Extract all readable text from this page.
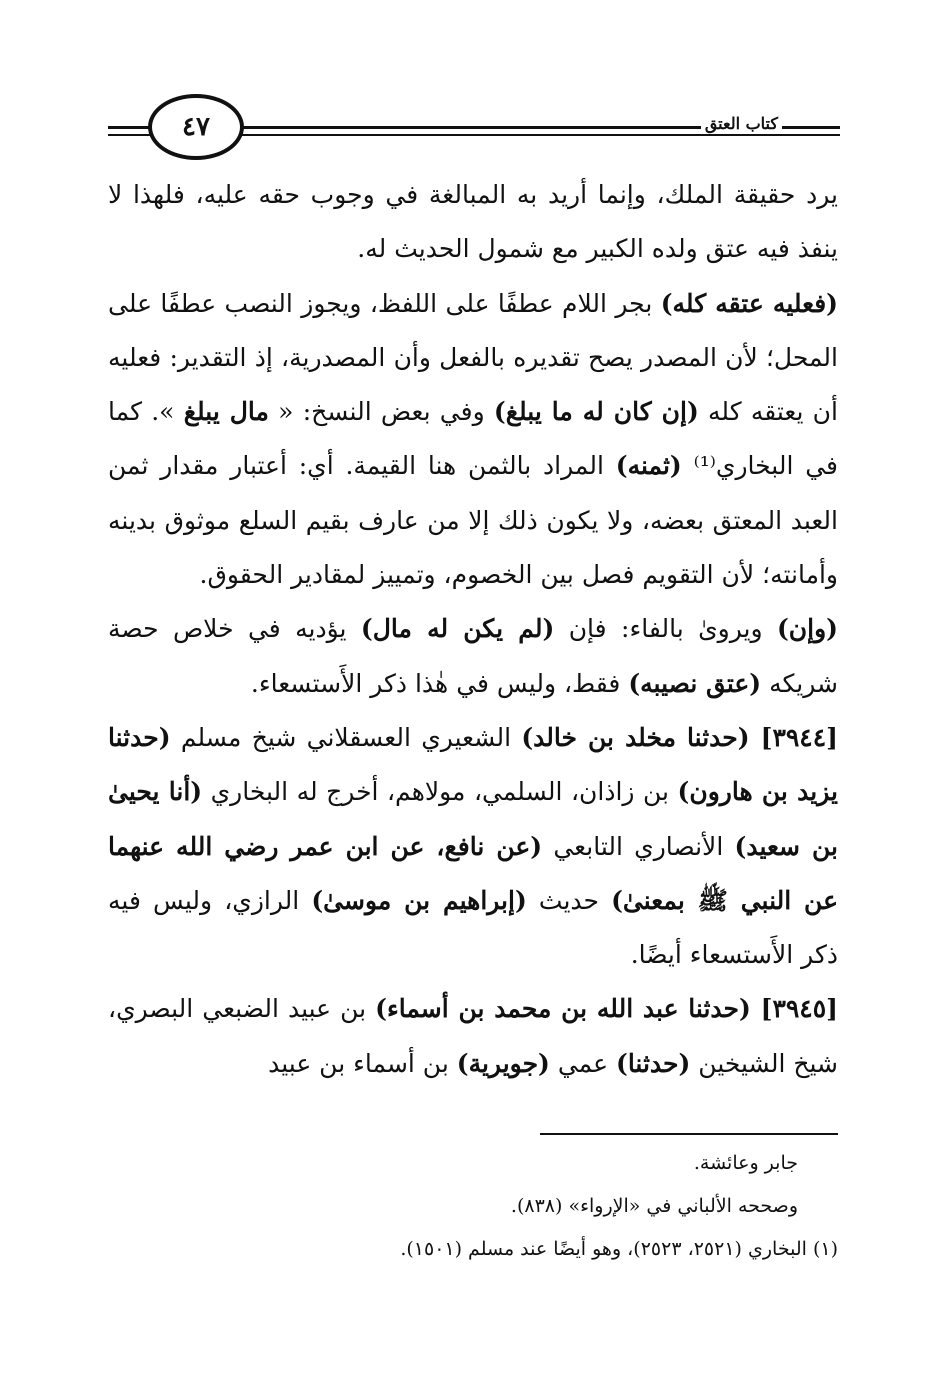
كتاب العتق
٤٧

يرد حقيقة الملك، وإنما أريد به المبالغة في وجوب حقه عليه، فلهذا لا ينفذ فيه عتق ولده الكبير مع شمول الحديث له.

(فعليه عتقه كله) بجر اللام عطفًا على اللفظ، ويجوز النصب عطفًا على المحل؛ لأن المصدر يصح تقديره بالفعل وأن المصدرية، إذ التقدير: فعليه أن يعتقه كله (إن كان له ما يبلغ) وفي بعض النسخ: « مال يبلغ ». كما في البخاري⁽¹⁾ (ثمنه) المراد بالثمن هنا القيمة. أي: أعتبار مقدار ثمن العبد المعتق بعضه، ولا يكون ذلك إلا من عارف بقيم السلع موثوق بدينه وأمانته؛ لأن التقويم فصل بين الخصوم، وتمييز لمقادير الحقوق.

(وإن) ويروىٰ بالفاء: فإن (لم يكن له مال) يؤديه في خلاص حصة شريكه (عتق نصيبه) فقط، وليس في هٰذا ذكر الأَستسعاء.

[٣٩٤٤] (حدثنا مخلد بن خالد) الشعيري العسقلاني شيخ مسلم (حدثنا يزيد بن هارون) بن زاذان، السلمي، مولاهم، أخرج له البخاري (أنا يحيىٰ بن سعيد) الأنصاري التابعي (عن نافع، عن ابن عمر رضي الله عنهما عن النبي ﷺ بمعنىٰ) حديث (إبراهيم بن موسىٰ) الرازي، وليس فيه ذكر الأَستسعاء أيضًا.

[٣٩٤٥] (حدثنا عبد الله بن محمد بن أسماء) بن عبيد الضبعي البصري، شيخ الشيخين (حدثنا) عمي (جويرية) بن أسماء بن عبيد

جابر وعائشة.

وصححه الألباني في «الإرواء» (٨٣٨).

(١) البخاري (٢٥٢١، ٢٥٢٣)، وهو أيضًا عند مسلم (١٥٠١).
